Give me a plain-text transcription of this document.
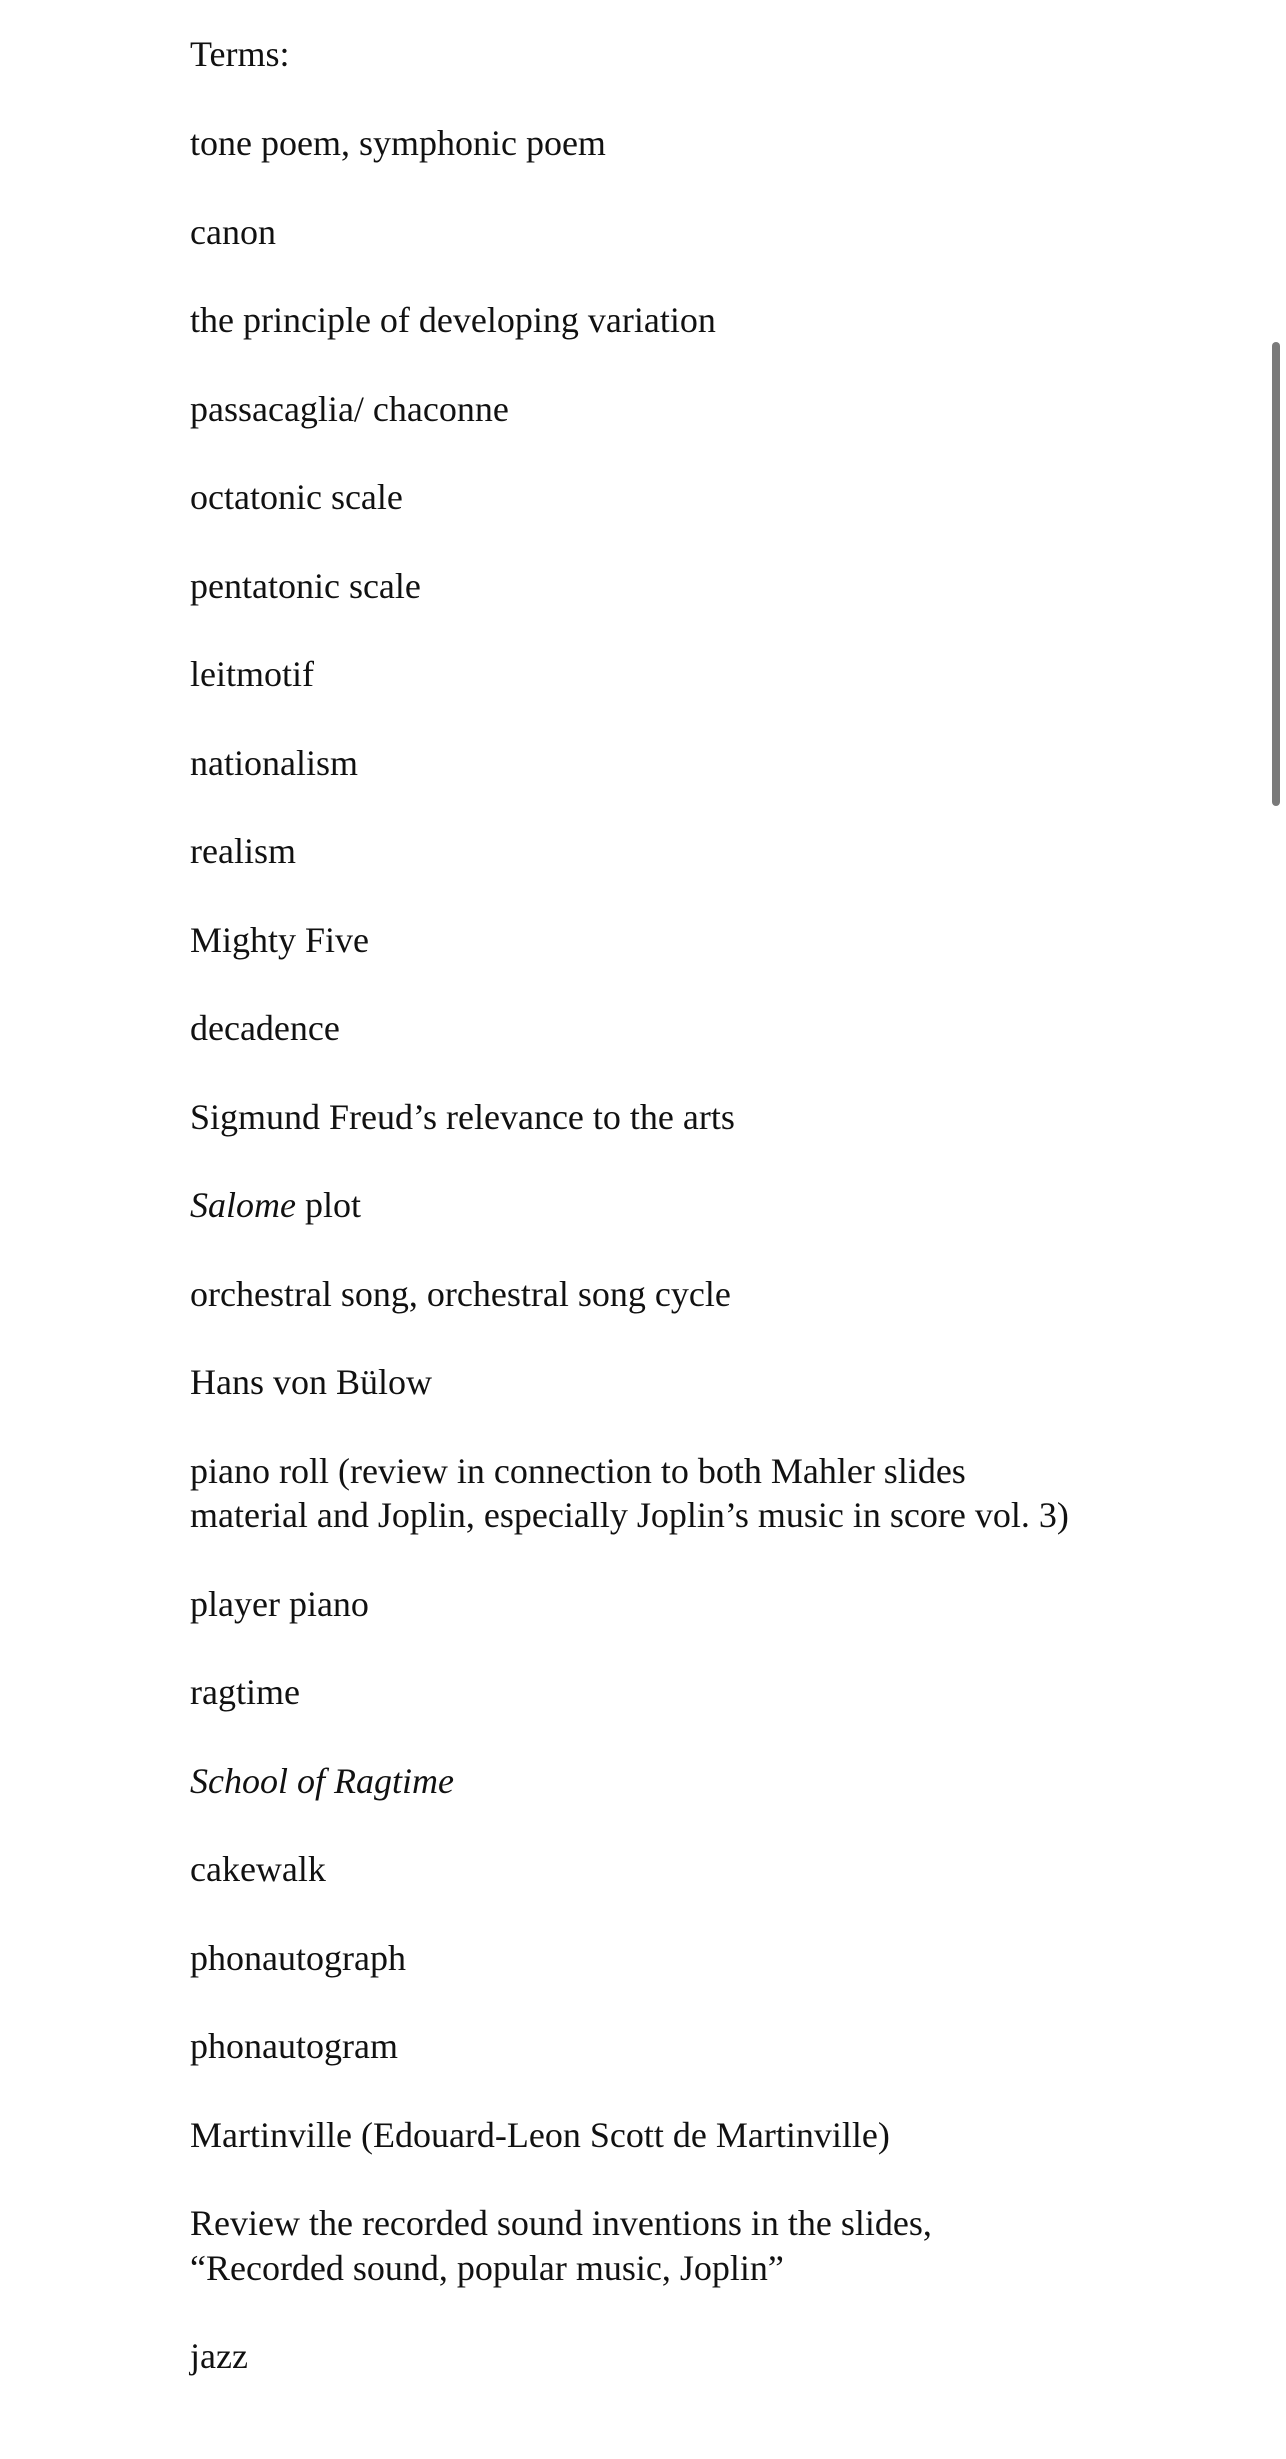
Terms:

tone poem, symphonic poem
canon
the principle of developing variation
passacaglia/ chaconne
octatonic scale
pentatonic scale
leitmotif
nationalism
realism
Mighty Five
decadence
Sigmund Freud’s relevance to the arts
Salome plot
orchestral song, orchestral song cycle
Hans von Bülow
piano roll (review in connection to both Mahler slides material and Joplin, especially Joplin’s music in score vol. 3)
player piano
ragtime
School of Ragtime
cakewalk
phonautograph
phonautogram
Martinville (Edouard-Leon Scott de Martinville)
Review the recorded sound inventions in the slides, “Recorded sound, popular music, Joplin”
jazz
